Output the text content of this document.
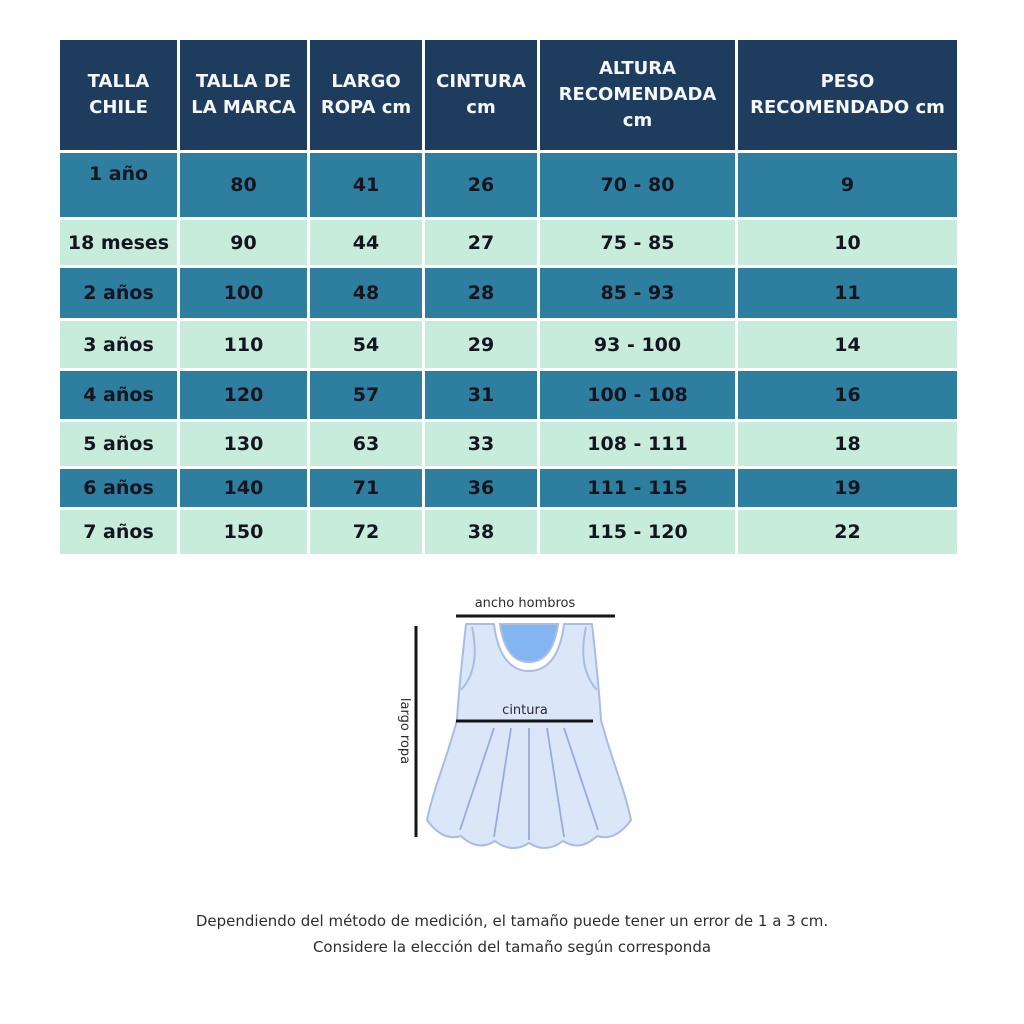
TALLA CHILE	TALLA DE LA MARCA	LARGO ROPA cm	CINTURA cm	ALTURA RECOMENDADA cm	PESO RECOMENDADO cm
1 año	80	41	26	70 - 80	9
18 meses	90	44	27	75 - 85	10
2 años	100	48	28	85 - 93	11
3 años	110	54	29	93 - 100	14
4 años	120	57	31	100 - 108	16
5 años	130	63	33	108 - 111	18
6 años	140	71	36	111 - 115	19
7 años	150	72	38	115 - 120	22
ancho hombros
largo ropa	cintura
Dependiendo del método de medición, el tamaño puede tener un error de 1 a 3 cm.
Considere la elección del tamaño según corresponda
